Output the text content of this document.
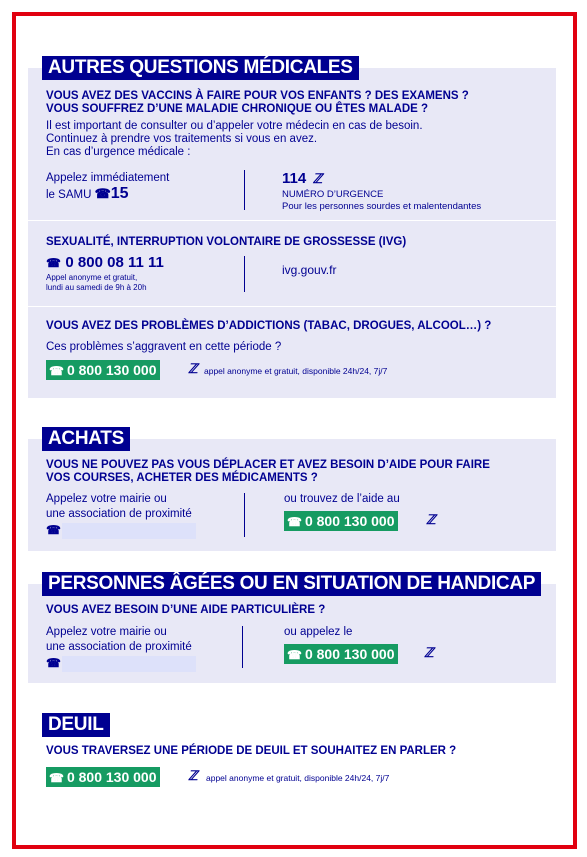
AUTRES QUESTIONS MÉDICALES
VOUS AVEZ DES VACCINS À FAIRE POUR VOS ENFANTS ? DES EXAMENS ?
VOUS SOUFFREZ D’UNE MALADIE CHRONIQUE OU ÊTES MALADE ?
Il est important de consulter ou d’appeler votre médecin en cas de besoin.
Continuez à prendre vos traitements si vous en avez.
En cas d’urgence médicale :
Appelez immédiatement
le SAMU ☎15
114 ℤ
NUMÉRO D’URGENCE
Pour les personnes sourdes et malentendantes
SEXUALITÉ, INTERRUPTION VOLONTAIRE DE GROSSESSE (IVG)
☎ 0 800 08 11 11
Appel anonyme et gratuit,
lundi au samedi de 9h à 20h
ivg.gouv.fr
VOUS AVEZ DES PROBLÈMES D’ADDICTIONS (TABAC, DROGUES, ALCOOL…) ?
Ces problèmes s’aggravent en cette période ?
☎ 0 800 130 000	ℤ appel anonyme et gratuit, disponible 24h/24, 7j/7
ACHATS
VOUS NE POUVEZ PAS VOUS DÉPLACER ET AVEZ BESOIN D’AIDE POUR FAIRE
VOS COURSES, ACHETER DES MÉDICAMENTS ?
Appelez votre mairie ou
une association de proximité
☎
ou trouvez de l’aide au
☎ 0 800 130 000	ℤ
PERSONNES ÂGÉES OU EN SITUATION DE HANDICAP
VOUS AVEZ BESOIN D’UNE AIDE PARTICULIÈRE ?
Appelez votre mairie ou
une association de proximité
☎
ou appelez le
☎ 0 800 130 000	ℤ
DEUIL
VOUS TRAVERSEZ UNE PÉRIODE DE DEUIL ET SOUHAITEZ EN PARLER ?
☎ 0 800 130 000	ℤ appel anonyme et gratuit, disponible 24h/24, 7j/7
